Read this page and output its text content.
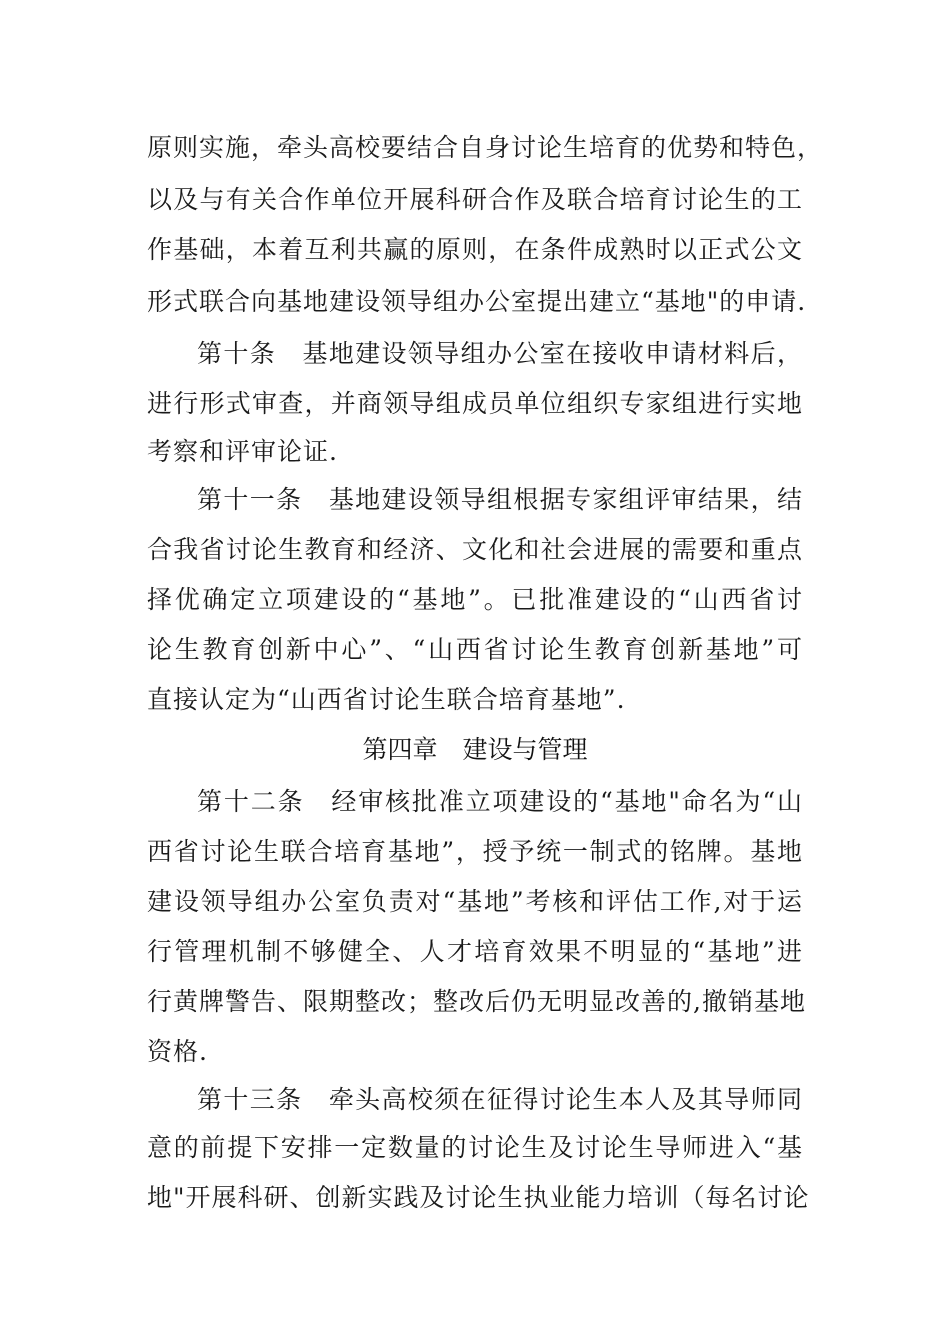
原则实施，牵头高校要结合自身讨论生培育的优势和特色，
以及与有关合作单位开展科研合作及联合培育讨论生的工
作基础，本着互利共赢的原则，在条件成熟时以正式公文
形式联合向基地建设领导组办公室提出建立“基地"的申请.
第十条　基地建设领导组办公室在接收申请材料后，
进行形式审查，并商领导组成员单位组织专家组进行实地
考察和评审论证.
第十一条　基地建设领导组根据专家组评审结果，结
合我省讨论生教育和经济、文化和社会进展的需要和重点
择优确定立项建设的“基地”。已批准建设的“山西省讨
论生教育创新中心”、“山西省讨论生教育创新基地”可
直接认定为“山西省讨论生联合培育基地”.
第四章　建设与管理
第十二条　经审核批准立项建设的“基地"命名为“山
西省讨论生联合培育基地”，授予统一制式的铭牌。基地
建设领导组办公室负责对“基地”考核和评估工作,对于运
行管理机制不够健全、人才培育效果不明显的“基地”进
行黄牌警告、限期整改；整改后仍无明显改善的,撤销基地
资格.
第十三条　牵头高校须在征得讨论生本人及其导师同
意的前提下安排一定数量的讨论生及讨论生导师进入“基
地"开展科研、创新实践及讨论生执业能力培训（每名讨论
